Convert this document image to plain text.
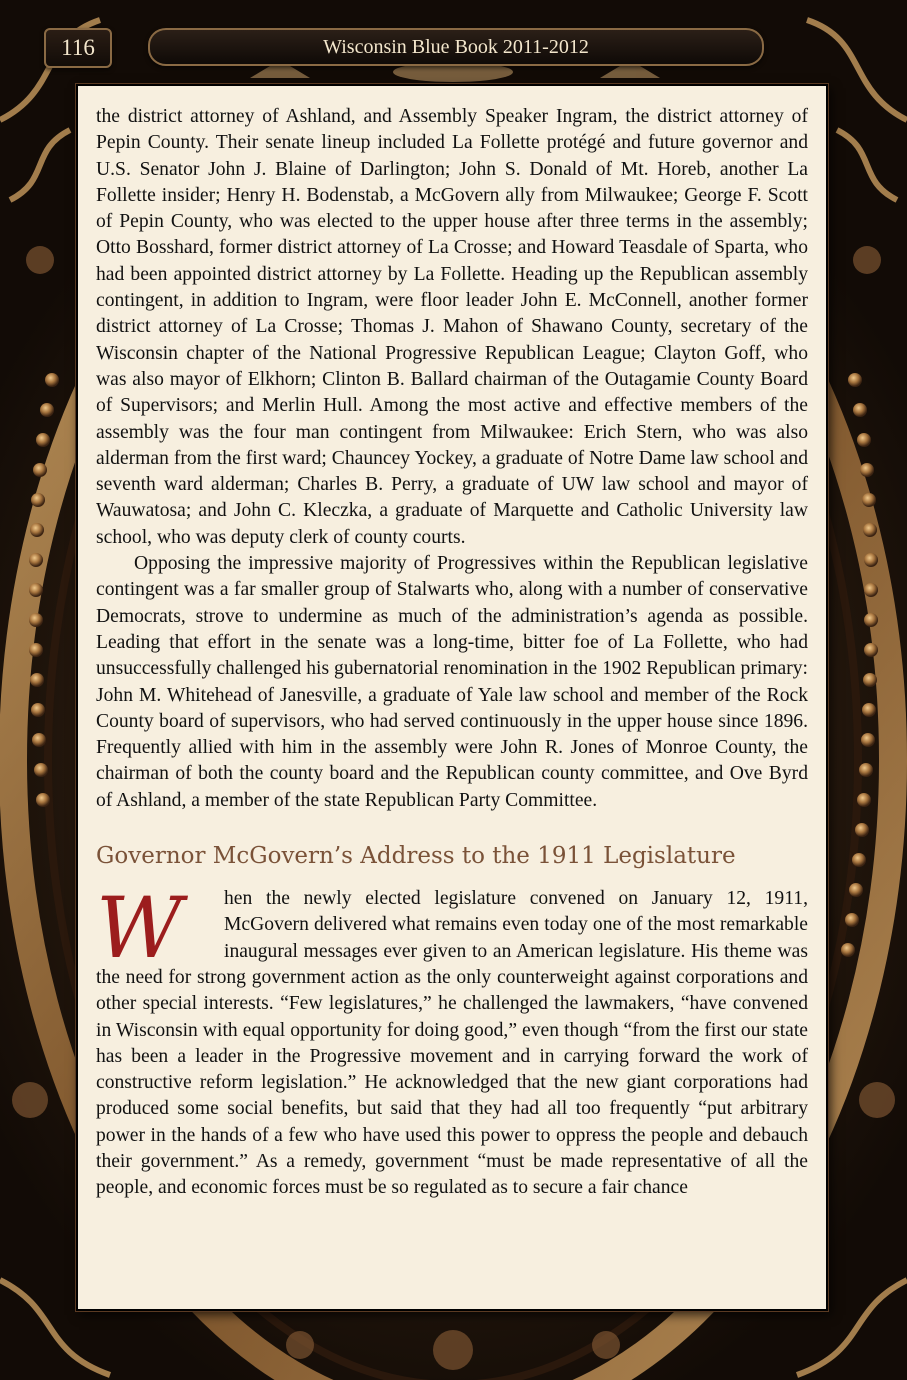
116	Wisconsin Blue Book 2011-2012

the district attorney of Ashland, and Assembly Speaker Ingram, the district attorney of Pepin County. Their senate lineup included La Follette protégé and future governor and U.S. Senator John J. Blaine of Darlington; John S. Donald of Mt. Horeb, another La Follette insider; Henry H. Bodenstab, a McGovern ally from Milwaukee; George F. Scott of Pepin County, who was elected to the upper house after three terms in the assembly; Otto Bosshard, former district attorney of La Crosse; and Howard Teasdale of Sparta, who had been appointed district attorney by La Follette. Heading up the Republican assembly contingent, in addition to Ingram, were floor leader John E. McConnell, another former district attorney of La Crosse; Thomas J. Mahon of Shawano County, secretary of the Wisconsin chapter of the National Progressive Republican League; Clayton Goff, who was also mayor of Elkhorn; Clinton B. Ballard chairman of the Outagamie County Board of Supervisors; and Merlin Hull. Among the most active and effective members of the assembly was the four man contingent from Milwaukee: Erich Stern, who was also alderman from the first ward; Chauncey Yockey, a graduate of Notre Dame law school and seventh ward alderman; Charles B. Perry, a graduate of UW law school and mayor of Wauwatosa; and John C. Kleczka, a graduate of Marquette and Catholic University law school, who was deputy clerk of county courts.

Opposing the impressive majority of Progressives within the Republican legislative contingent was a far smaller group of Stalwarts who, along with a number of conservative Democrats, strove to undermine as much of the administration’s agenda as possible. Leading that effort in the senate was a long-time, bitter foe of La Follette, who had unsuccessfully challenged his gubernatorial renomination in the 1902 Republican primary: John M. Whitehead of Janesville, a graduate of Yale law school and member of the Rock County board of supervisors, who had served continuously in the upper house since 1896. Frequently allied with him in the assembly were John R. Jones of Monroe County, the chairman of both the county board and the Republican county committee, and Ove Byrd of Ashland, a member of the state Republican Party Committee.

Governor McGovern’s Address to the 1911 Legislature

W	hen the newly elected legislature convened on January 12, 1911, McGovern delivered what remains even today one of the most remarkable inaugural messages ever given to an American legislature. His theme was the need for strong government action as the only counterweight against corporations and other special interests. “Few legislatures,” he challenged the lawmakers, “have convened in Wisconsin with equal opportunity for doing good,” even though “from the first our state has been a leader in the Progressive movement and in carrying forward the work of constructive reform legislation.” He acknowledged that the new giant corporations had produced some social benefits, but said that they had all too frequently “put arbitrary power in the hands of a few who have used this power to oppress the people and debauch their government.” As a remedy, government “must be made representative of all the people, and economic forces must be so regulated as to secure a fair chance
